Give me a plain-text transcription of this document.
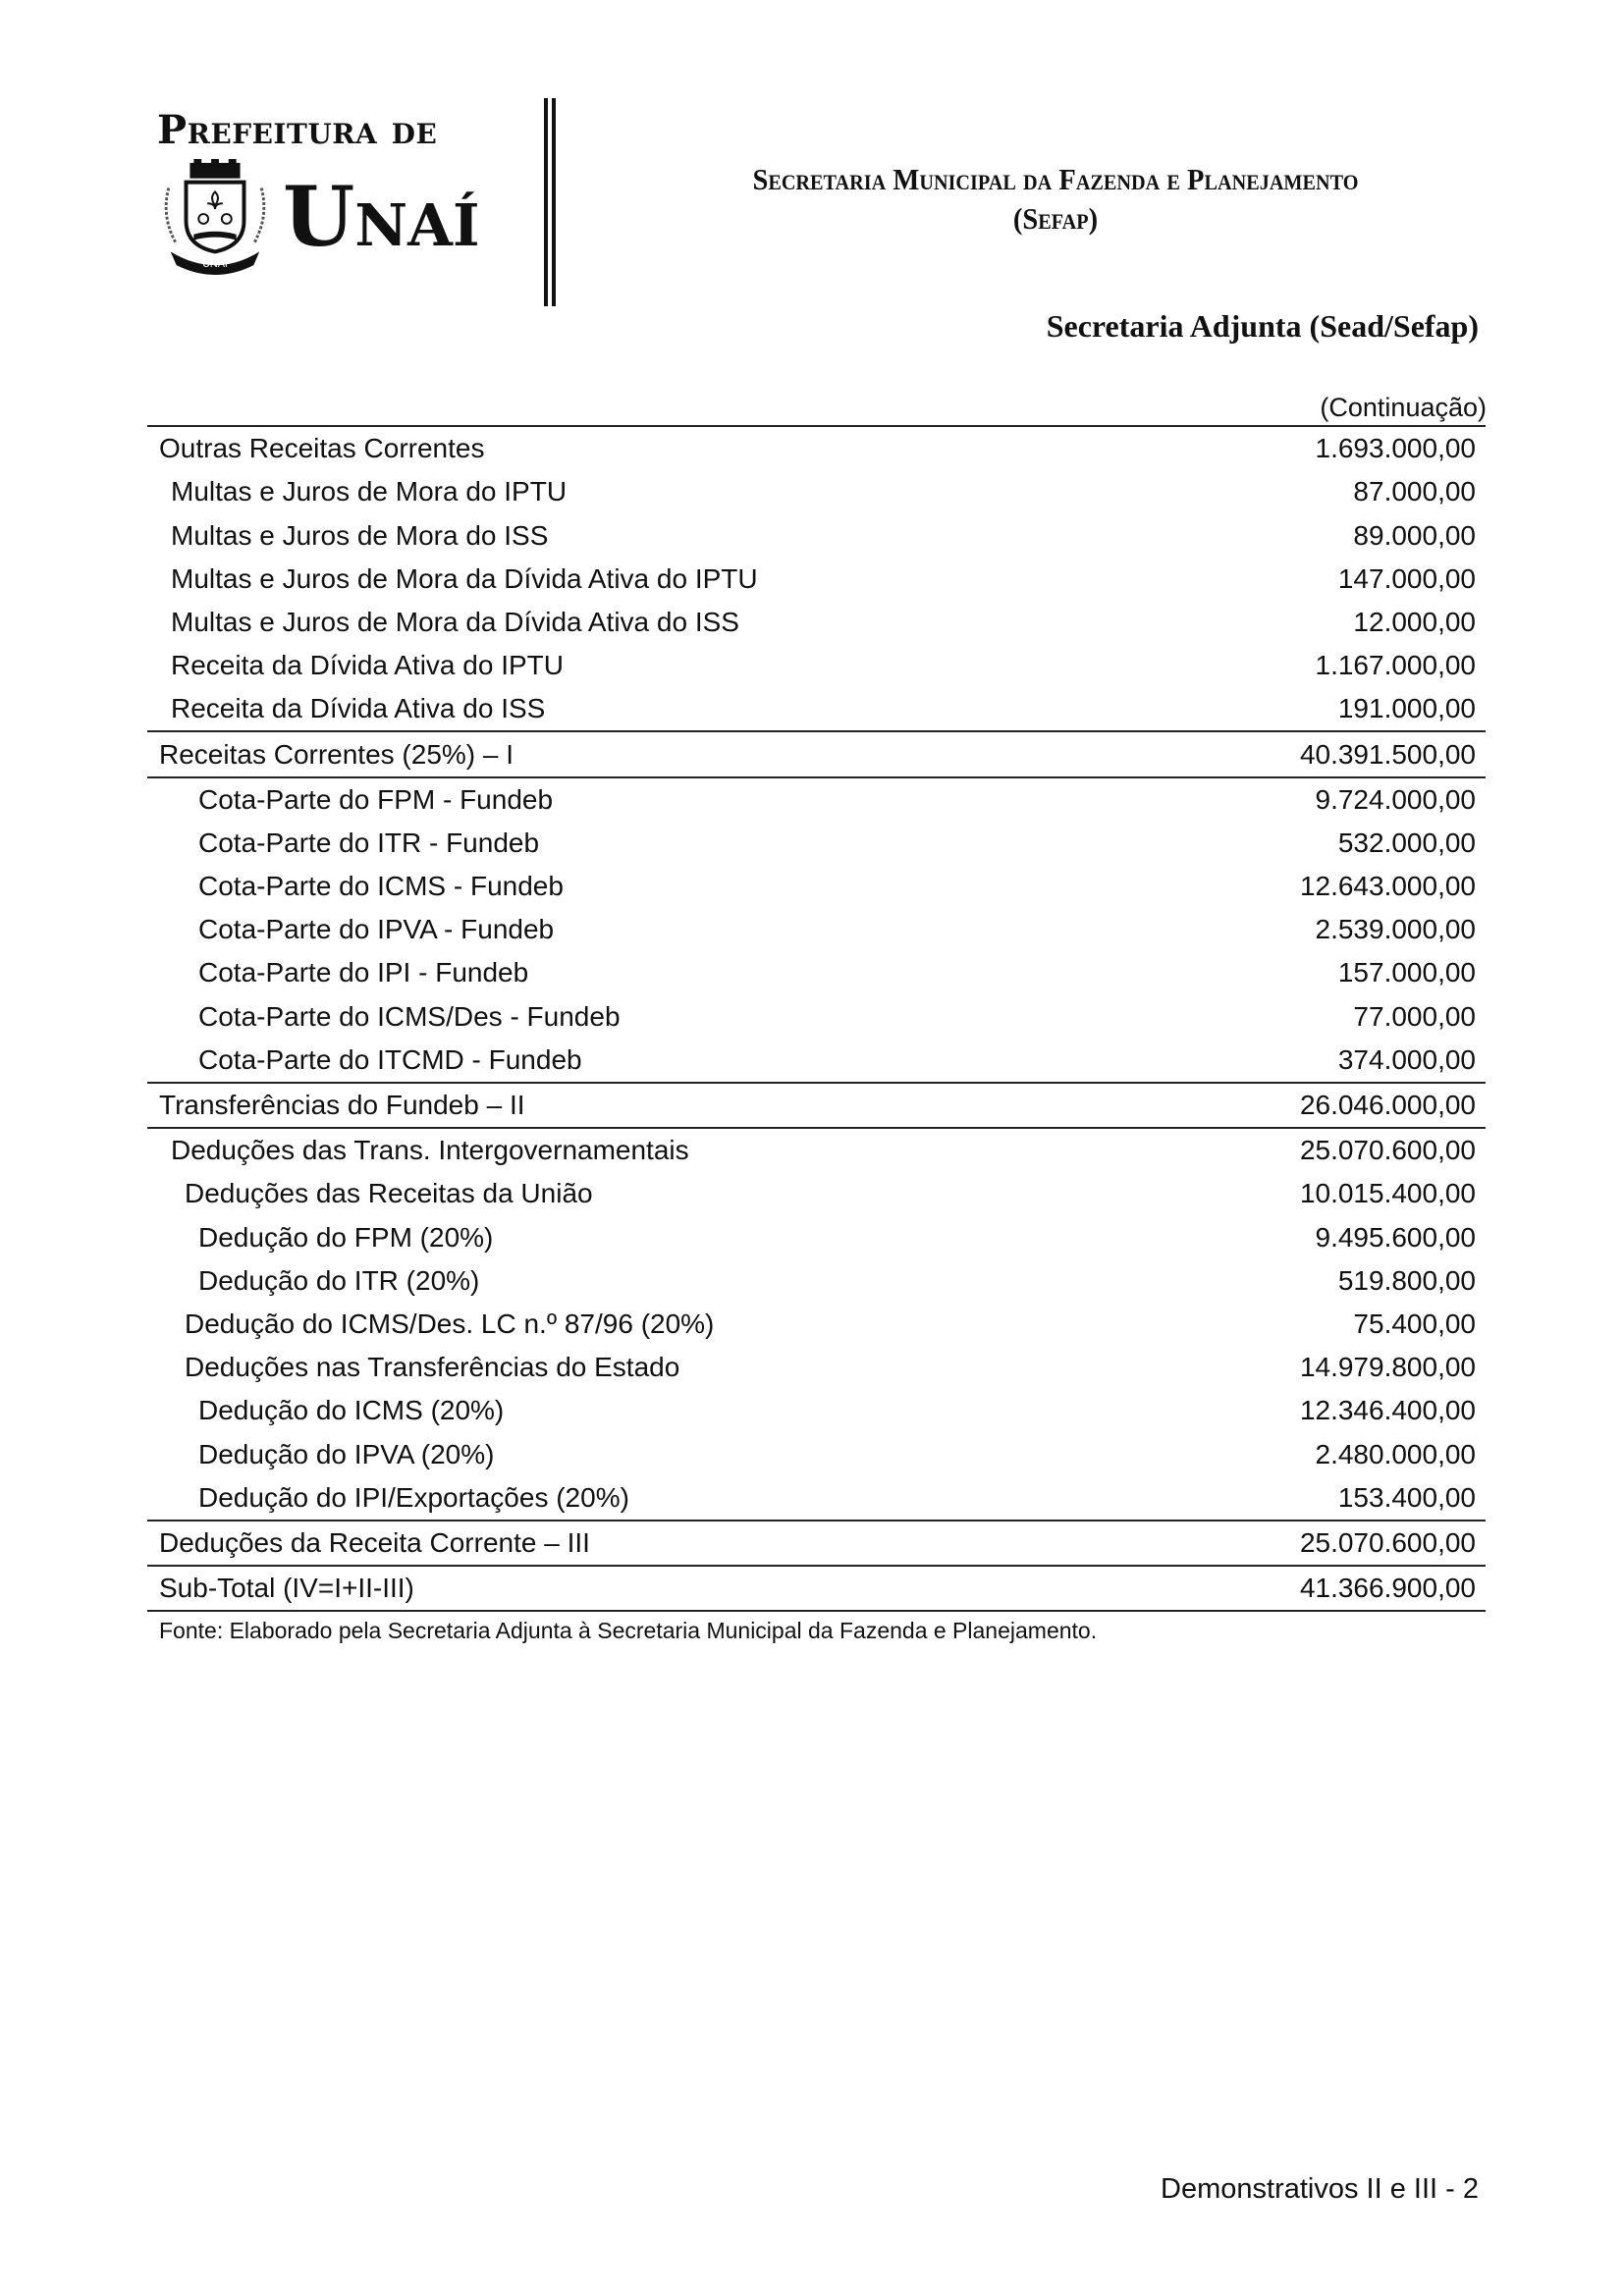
Prefeitura de
UNAÍ Unaí	Secretaria Municipal da Fazenda e Planejamento
(Sefap)
Secretaria Adjunta (Sead/Sefap)
(Continuação)
Outras Receitas Correntes	1.693.000,00
Multas e Juros de Mora do IPTU	87.000,00
Multas e Juros de Mora do ISS	89.000,00
Multas e Juros de Mora da Dívida Ativa do IPTU	147.000,00
Multas e Juros de Mora da Dívida Ativa do ISS	12.000,00
Receita da Dívida Ativa do IPTU	1.167.000,00
Receita da Dívida Ativa do ISS	191.000,00
Receitas Correntes (25%) – I	40.391.500,00
Cota-Parte do FPM - Fundeb	9.724.000,00
Cota-Parte do ITR - Fundeb	532.000,00
Cota-Parte do ICMS - Fundeb	12.643.000,00
Cota-Parte do IPVA - Fundeb	2.539.000,00
Cota-Parte do IPI - Fundeb	157.000,00
Cota-Parte do ICMS/Des - Fundeb	77.000,00
Cota-Parte do ITCMD - Fundeb	374.000,00
Transferências do Fundeb – II	26.046.000,00
Deduções das Trans. Intergovernamentais	25.070.600,00
Deduções das Receitas da União	10.015.400,00
Dedução do FPM (20%)	9.495.600,00
Dedução do ITR (20%)	519.800,00
Dedução do ICMS/Des. LC n.º 87/96 (20%)	75.400,00
Deduções nas Transferências do Estado	14.979.800,00
Dedução do ICMS (20%)	12.346.400,00
Dedução do IPVA (20%)	2.480.000,00
Dedução do IPI/Exportações (20%)	153.400,00
Deduções da Receita Corrente – III	25.070.600,00
Sub-Total (IV=I+II-III)	41.366.900,00
Fonte: Elaborado pela Secretaria Adjunta à Secretaria Municipal da Fazenda e Planejamento.
Demonstrativos II e III - 2
